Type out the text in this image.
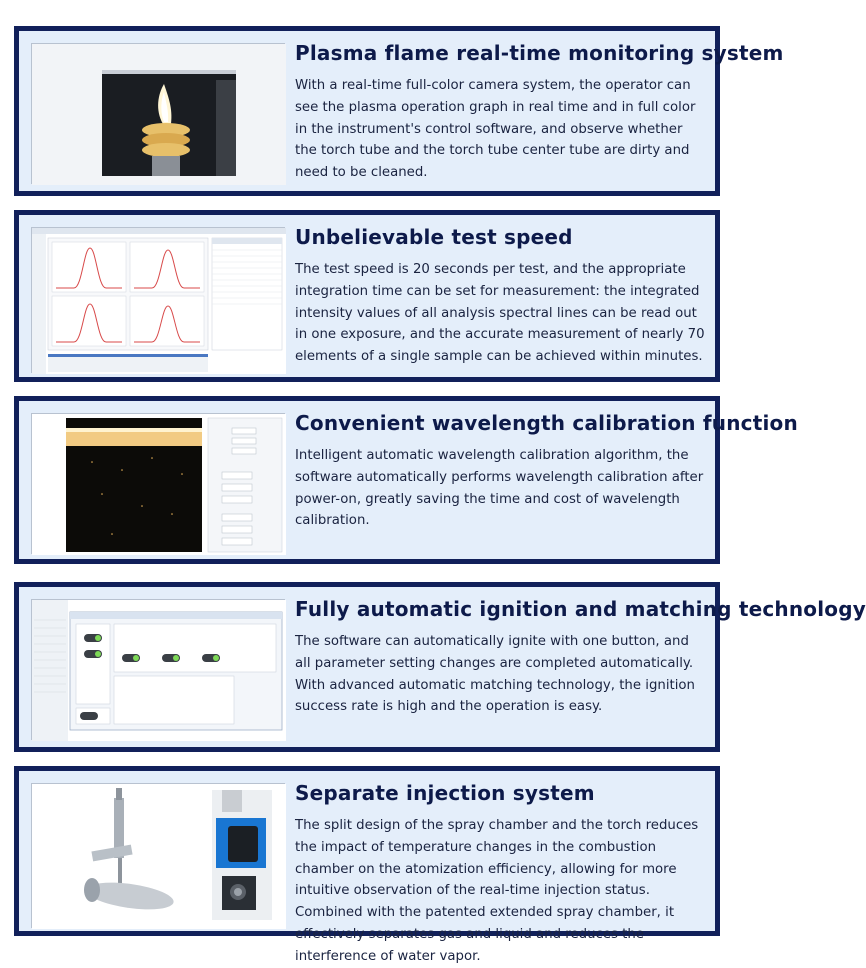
Plasma flame real-time monitoring system
With a real-time full-color camera system, the operator can see the plasma operation graph in real time and in full color in the instrument's control software, and observe whether the torch tube and the torch tube center tube are dirty and need to be cleaned.
Unbelievable test speed
The test speed is 20 seconds per test, and the appropriate integration time can be set for measurement: the integrated intensity values of all analysis spectral lines can be read out in one exposure, and the accurate measurement of nearly 70 elements of a single sample can be achieved within minutes.
Convenient wavelength calibration function
Intelligent automatic wavelength calibration algorithm, the software automatically performs wavelength calibration after power-on, greatly saving the time and cost of wavelength calibration.
Fully automatic ignition and matching technology
The software can automatically ignite with one button, and all parameter setting changes are completed automatically. With advanced automatic matching technology, the ignition success rate is high and the operation is easy.
Separate injection system
The split design of the spray chamber and the torch reduces the impact of temperature changes in the combustion chamber on the atomization efficiency, allowing for more intuitive observation of the real-time injection status. Combined with the patented extended spray chamber, it effectively separates gas and liquid and reduces the interference of water vapor.
